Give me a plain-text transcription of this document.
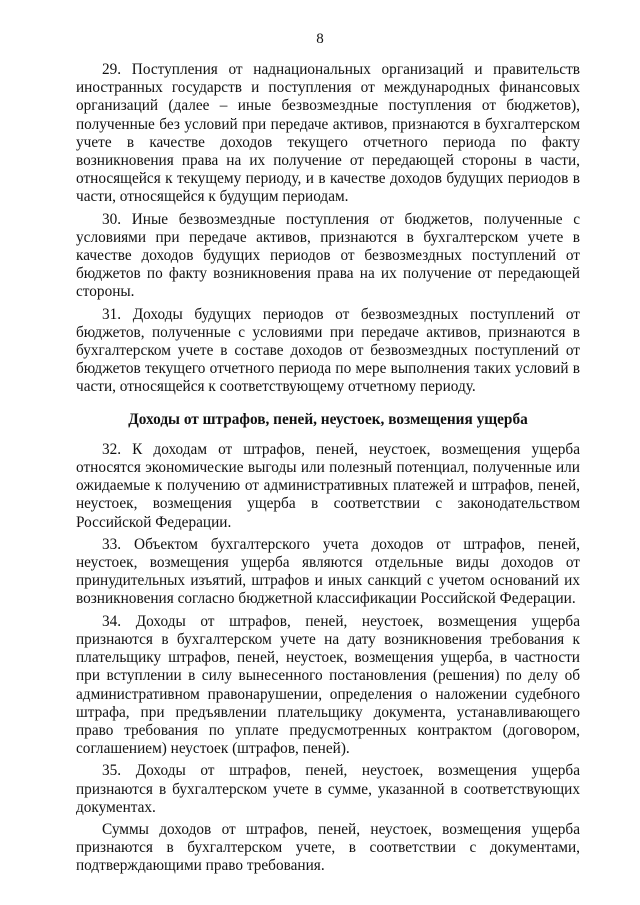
8

29. Поступления от наднациональных организаций и правительств иностранных государств и поступления от международных финансовых организаций (далее – иные безвозмездные поступления от бюджетов), полученные без условий при передаче активов, признаются в бухгалтерском учете в качестве доходов текущего отчетного периода по факту возникновения права на их получение от передающей стороны в части, относящейся к текущему периоду, и в качестве доходов будущих периодов в части, относящейся к будущим периодам.

30. Иные безвозмездные поступления от бюджетов, полученные с условиями при передаче активов, признаются в бухгалтерском учете в качестве доходов будущих периодов от безвозмездных поступлений от бюджетов по факту возникновения права на их получение от передающей стороны.

31. Доходы будущих периодов от безвозмездных поступлений от бюджетов, полученные с условиями при передаче активов, признаются в бухгалтерском учете в составе доходов от безвозмездных поступлений от бюджетов текущего отчетного периода по мере выполнения таких условий в части, относящейся к соответствующему отчетному периоду.

Доходы от штрафов, пеней, неустоек, возмещения ущерба

32. К доходам от штрафов, пеней, неустоек, возмещения ущерба относятся экономические выгоды или полезный потенциал, полученные или ожидаемые к получению от административных платежей и штрафов, пеней, неустоек, возмещения ущерба в соответствии с законодательством Российской Федерации.

33. Объектом бухгалтерского учета доходов от штрафов, пеней, неустоек, возмещения ущерба являются отдельные виды доходов от принудительных изъятий, штрафов и иных санкций с учетом оснований их возникновения согласно бюджетной классификации Российской Федерации.

34. Доходы от штрафов, пеней, неустоек, возмещения ущерба признаются в бухгалтерском учете на дату возникновения требования к плательщику штрафов, пеней, неустоек, возмещения ущерба, в частности при вступлении в силу вынесенного постановления (решения) по делу об административном правонарушении, определения о наложении судебного штрафа, при предъявлении плательщику документа, устанавливающего право требования по уплате предусмотренных контрактом (договором, соглашением) неустоек (штрафов, пеней).

35. Доходы от штрафов, пеней, неустоек, возмещения ущерба признаются в бухгалтерском учете в сумме, указанной в соответствующих документах.

Суммы доходов от штрафов, пеней, неустоек, возмещения ущерба признаются в бухгалтерском учете, в соответствии с документами, подтверждающими право требования.
